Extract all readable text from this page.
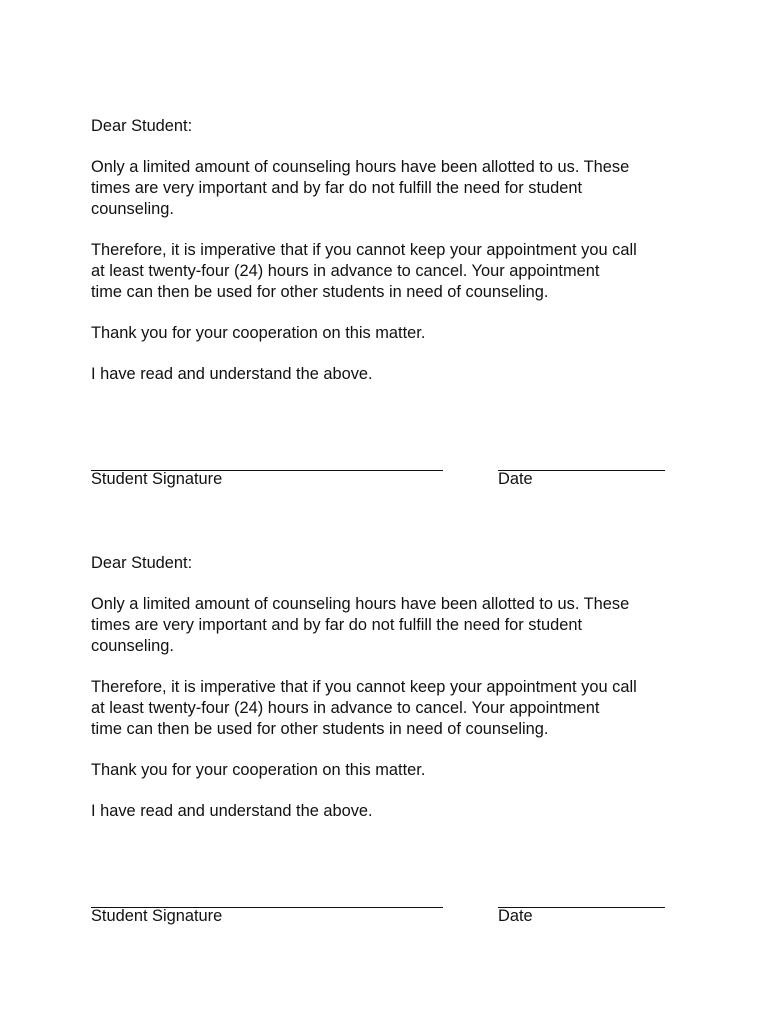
Dear Student:

Only a limited amount of counseling hours have been allotted to us. These

times are very important and by far do not fulfill the need for student

counseling.

Therefore, it is imperative that if you cannot keep your appointment you call

at least twenty-four (24) hours in advance to cancel. Your appointment

time can then be used for other students in need of counseling.

Thank you for your cooperation on this matter.

I have read and understand the above.

Student Signature	Date

Dear Student:

Only a limited amount of counseling hours have been allotted to us. These

times are very important and by far do not fulfill the need for student

counseling.

Therefore, it is imperative that if you cannot keep your appointment you call

at least twenty-four (24) hours in advance to cancel. Your appointment

time can then be used for other students in need of counseling.

Thank you for your cooperation on this matter.

I have read and understand the above.

Student Signature	Date
